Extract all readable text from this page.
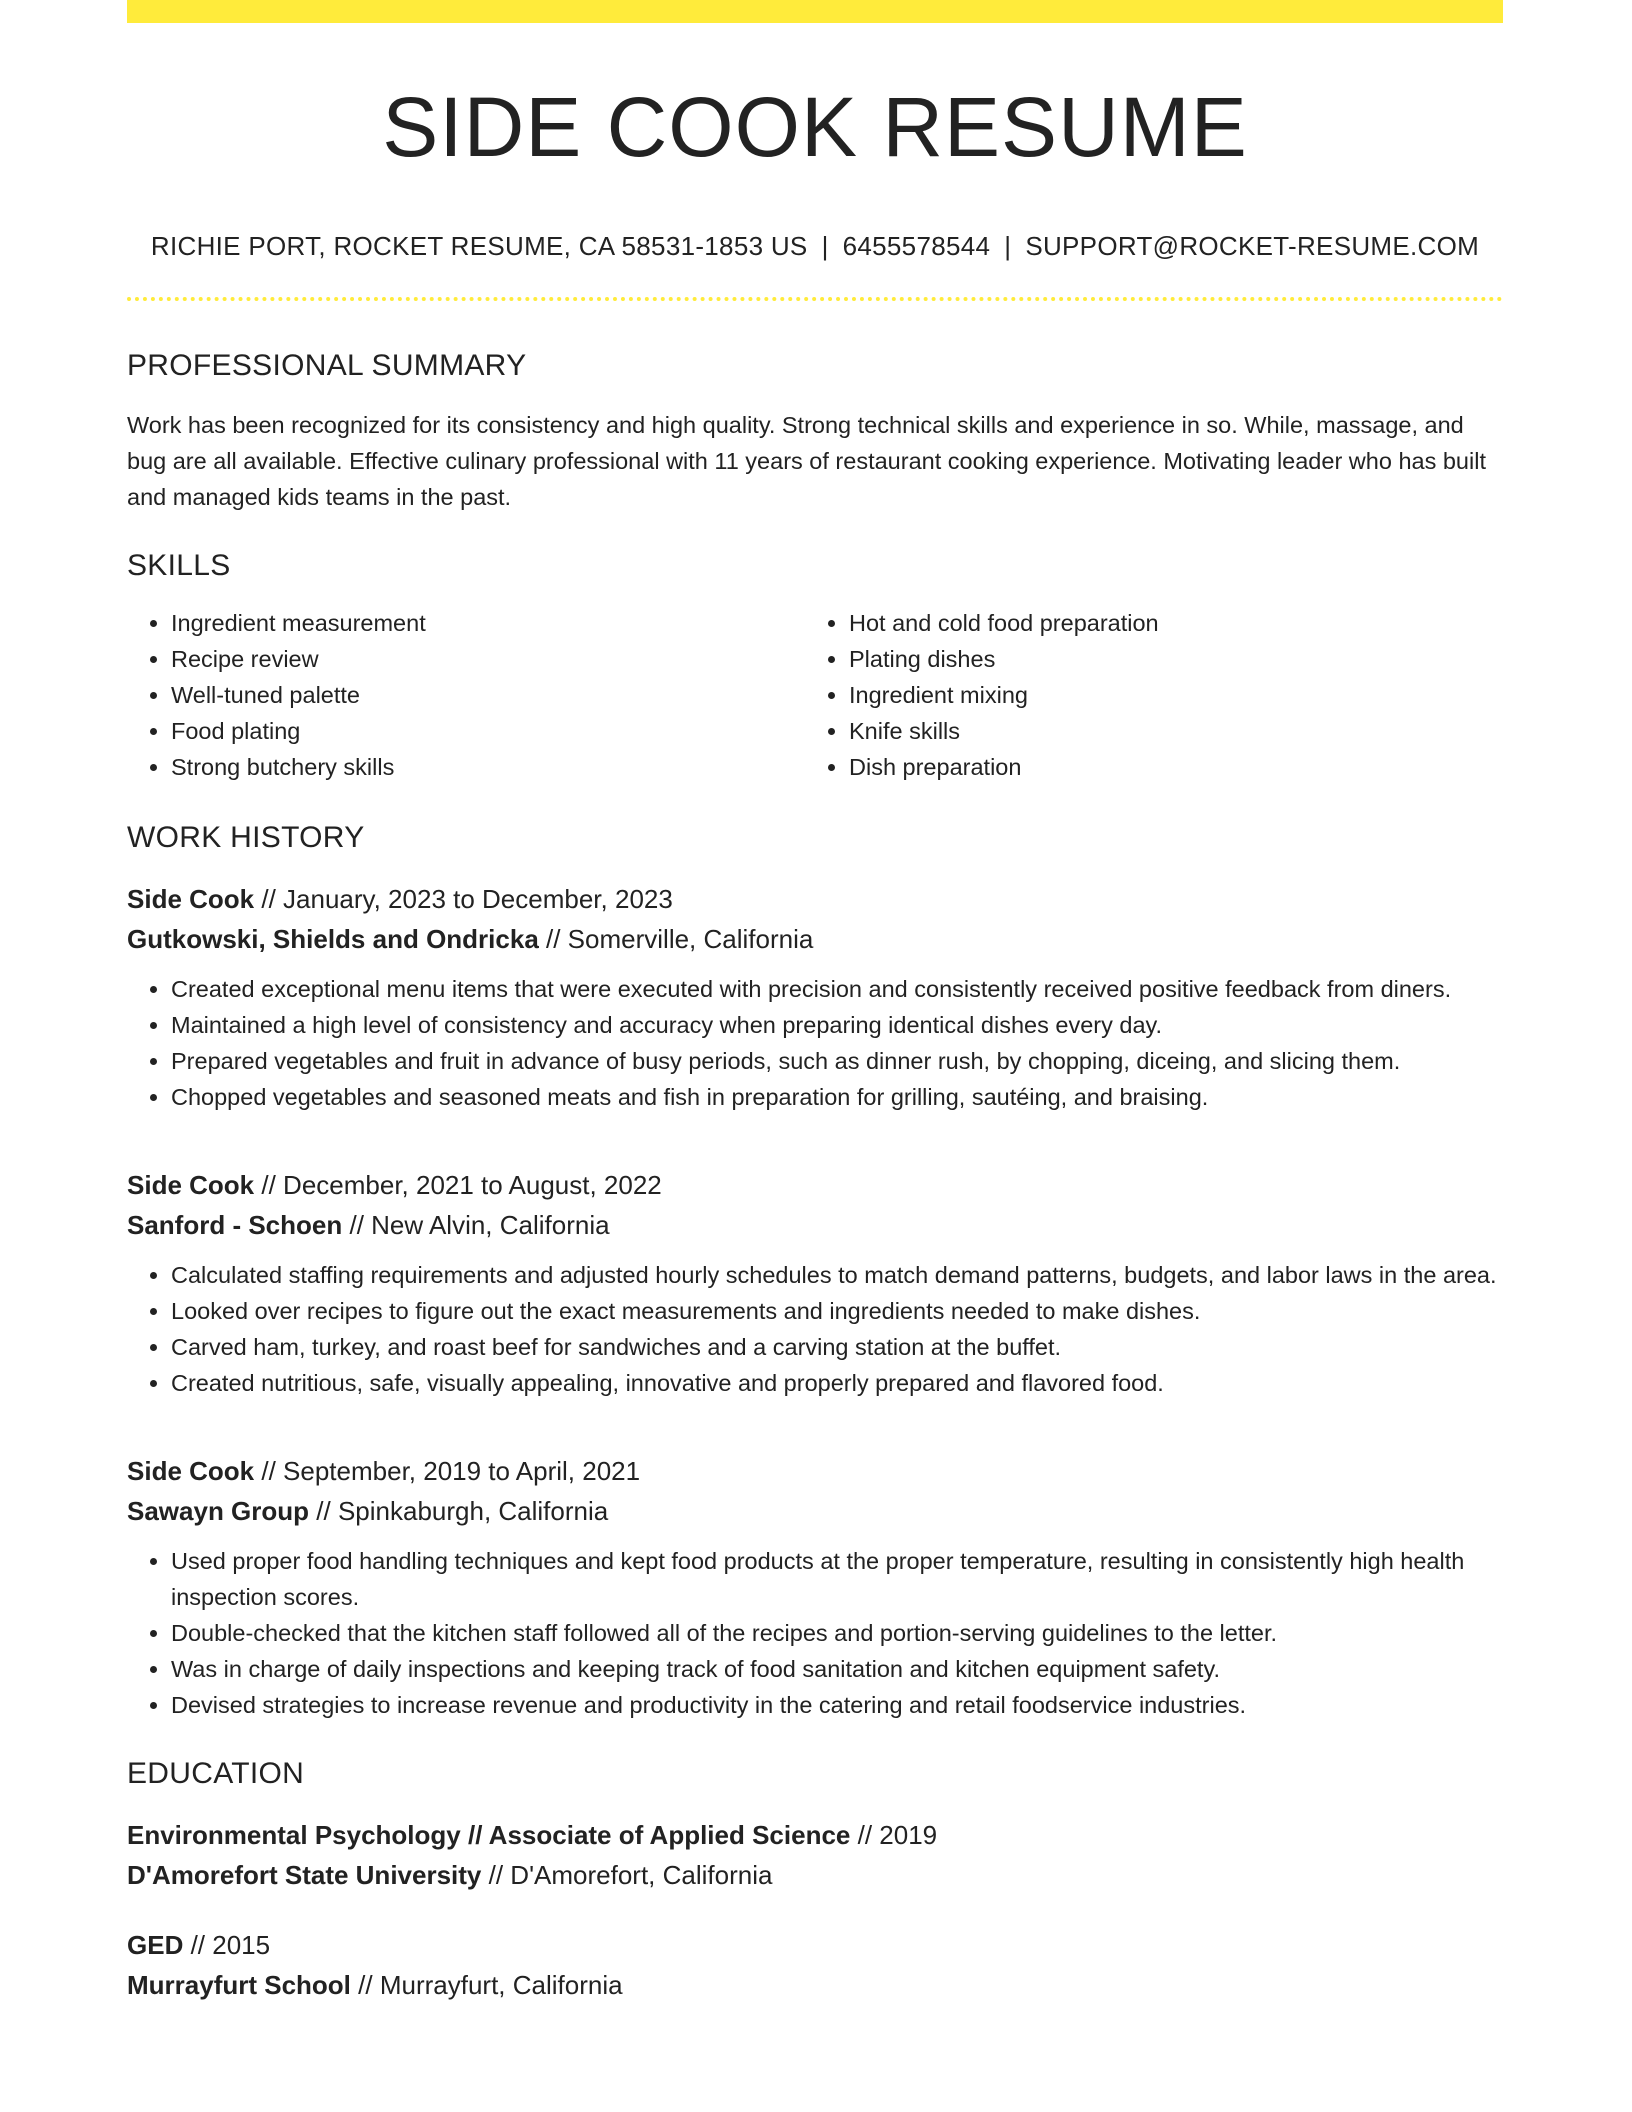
SIDE COOK RESUME
RICHIE PORT, ROCKET RESUME, CA 58531-1853 US | 6455578544 | SUPPORT@ROCKET-RESUME.COM
PROFESSIONAL SUMMARY

Work has been recognized for its consistency and high quality. Strong technical skills and experience in so. While, massage, and bug are all available. Effective culinary professional with 11 years of restaurant cooking experience. Motivating leader who has built and managed kids teams in the past.

SKILLS
• Ingredient measurement
• Recipe review
• Well-tuned palette
• Food plating
• Strong butchery skills
• Hot and cold food preparation
• Plating dishes
• Ingredient mixing
• Knife skills
• Dish preparation
WORK HISTORY
Side Cook // January, 2023 to December, 2023
Gutkowski, Shields and Ondricka // Somerville, California
• Created exceptional menu items that were executed with precision and consistently received positive feedback from diners.
• Maintained a high level of consistency and accuracy when preparing identical dishes every day.
• Prepared vegetables and fruit in advance of busy periods, such as dinner rush, by chopping, diceing, and slicing them.
• Chopped vegetables and seasoned meats and fish in preparation for grilling, sautéing, and braising.
Side Cook // December, 2021 to August, 2022
Sanford - Schoen // New Alvin, California
• Calculated staffing requirements and adjusted hourly schedules to match demand patterns, budgets, and labor laws in the area.
• Looked over recipes to figure out the exact measurements and ingredients needed to make dishes.
• Carved ham, turkey, and roast beef for sandwiches and a carving station at the buffet.
• Created nutritious, safe, visually appealing, innovative and properly prepared and flavored food.
Side Cook // September, 2019 to April, 2021
Sawayn Group // Spinkaburgh, California
• Used proper food handling techniques and kept food products at the proper temperature, resulting in consistently high health inspection scores.
• Double-checked that the kitchen staff followed all of the recipes and portion-serving guidelines to the letter.
• Was in charge of daily inspections and keeping track of food sanitation and kitchen equipment safety.
• Devised strategies to increase revenue and productivity in the catering and retail foodservice industries.
EDUCATION
Environmental Psychology // Associate of Applied Science // 2019
D'Amorefort State University // D'Amorefort, California
GED // 2015
Murrayfurt School // Murrayfurt, California
